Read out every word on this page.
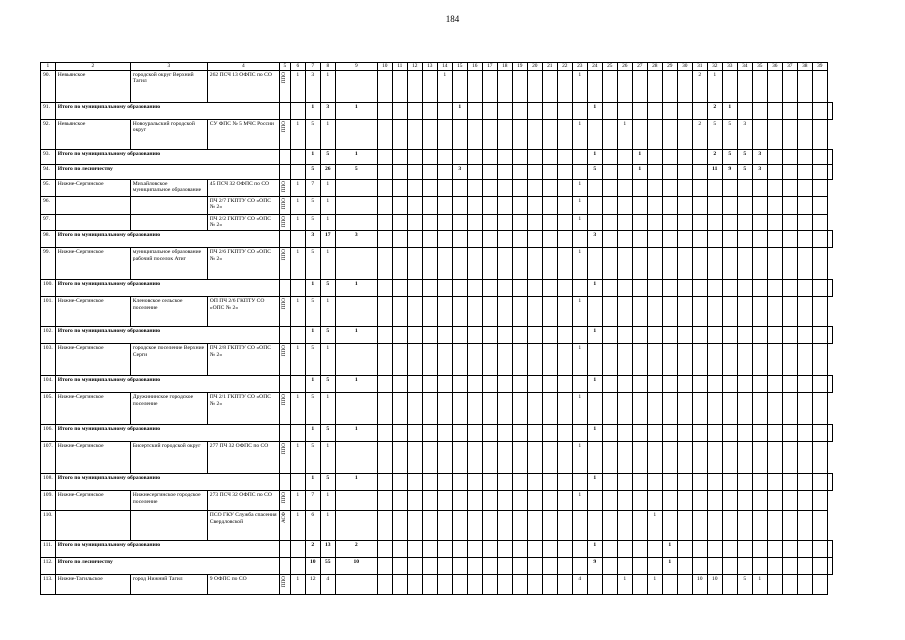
184
1	2	3	4	5	6	7	8	9	10	11	12	13	14	15	16	17	18	19	20	21	22	23	24	25	26	27	28	29	30	31	32	33	34	35	36	37	38	39	
90.	Невьянское	городской округ Верхний Тагил	262 ПСЧ 13 ОФПС по СО	ППО	1	3	1						1									1								2	1								
91.	Итого по муниципальному образованию					1	3	1						1									1								2	1							
92.	Невьянское	Новоуральский городской округ	СУ ФПС № 5 МЧС России	ППО	1	5	1															1			1					2	5	5	3						
93.	Итого по муниципальному образованию					1	5	1															1			1					2	5	5	3					
94.	Итого по лесничеству					5	26	5						3									5			1					11	9	5	3					
95.	Нижне-Сергинское	Михайловское муниципальное образование	45 ПСЧ 32 ОФПС по СО	ППО	1	7	1															1																	
96.			ПЧ 2/7 ГКПТУ СО «ОПС № 2»	ППО	1	5	1															1																	
97.			ПЧ 2/2 ГКПТУ СО «ОПС № 2»	ППО	1	5	1															1																	
98.	Итого по муниципальному образованию					3	17	3															3																
99.	Нижне-Сергинское	муниципальное образование рабочий поселок Атиг	ПЧ 2/6 ГКПТУ СО «ОПС № 2»	ППО	1	5	1															1																	
100.	Итого по муниципальному образованию					1	5	1															1																
101.	Нижне-Сергинское	Кленовское сельское поселение	ОП ПЧ 2/6 ГКПТУ СО «ОПС № 2»	ППО	1	5	1															1																	
102.	Итого по муниципальному образованию					1	5	1															1																
103.	Нижне-Сергинское	городское поселение Верхние Серги	ПЧ 2/8 ГКПТУ СО «ОПС № 2»	ППО	1	5	1															1																	
104.	Итого по муниципальному образованию					1	5	1															1																
105.	Нижне-Сергинское	Дружининское городское поселение	ПЧ 2/1 ГКПТУ СО «ОПС № 2»	ППО	1	5	1															1																	
106.	Итого по муниципальному образованию					1	5	1															1																
107.	Нижне-Сергинское	Бисертский городской округ	277 ПЧ 32 ОФПС по СО	ППО	1	5	1															1																	
108.	Итого по муниципальному образованию					1	5	1															1																
109.	Нижне-Сергинское	Нижнесергинское городское поселение	273 ПСЧ 32 ОФПС по СО	ППО	1	7	1															1																	
110.			ПСО ГКУ Служба спасения Свердловской	АСФ	1	6	1																				1												
111.	Итого по муниципальному образованию					2	13	2															1					1											
112.	Итого по лесничеству					10	55	10															9					1											
113.	Нижне-Тагильское	город Нижний Тагил	9 ОФПС по СО	ППО	1	12	4															4			1		1			10	10		5	1					
